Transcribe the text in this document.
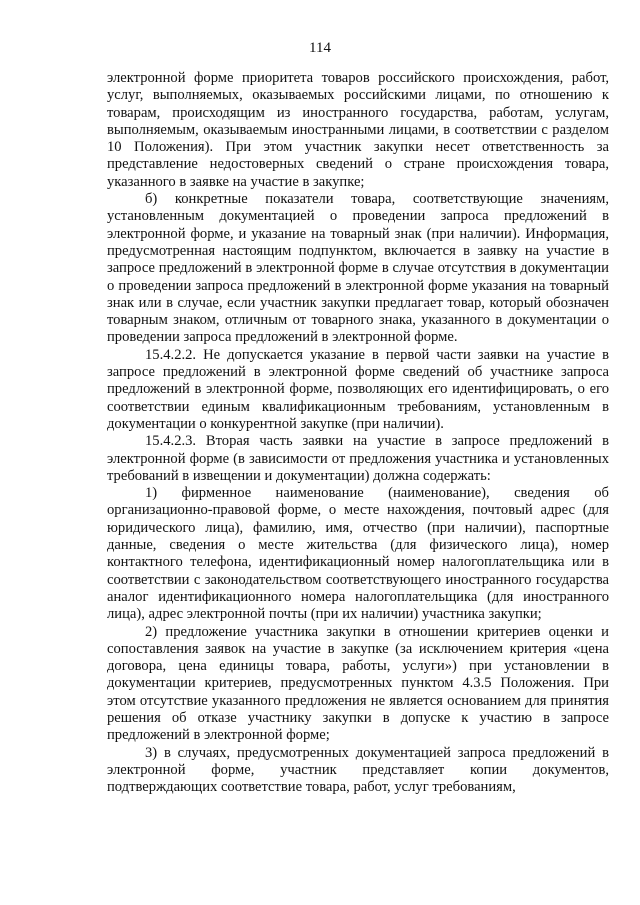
114

электронной форме приоритета товаров российского происхождения, работ, услуг, выполняемых, оказываемых российскими лицами, по отношению к товарам, происходящим из иностранного государства, работам, услугам, выполняемым, оказываемым иностранными лицами, в соответствии с разделом 10 Положения). При этом участник закупки несет ответственность за представление недостоверных сведений о стране происхождения товара, указанного в заявке на участие в закупке;

б) конкретные показатели товара, соответствующие значениям, установленным документацией о проведении запроса предложений в электронной форме, и указание на товарный знак (при наличии). Информация, предусмотренная настоящим подпунктом, включается в заявку на участие в запросе предложений в электронной форме в случае отсутствия в документации о проведении запроса предложений в электронной форме указания на товарный знак или в случае, если участник закупки предлагает товар, который обозначен товарным знаком, отличным от товарного знака, указанного в документации о проведении запроса предложений в электронной форме.

15.4.2.2. Не допускается указание в первой части заявки на участие в запросе предложений в электронной форме сведений об участнике запроса предложений в электронной форме, позволяющих его идентифицировать, о его соответствии единым квалификационным требованиям, установленным в документации о конкурентной закупке (при наличии).

15.4.2.3. Вторая часть заявки на участие в запросе предложений в электронной форме (в зависимости от предложения участника и установленных требований в извещении и документации) должна содержать:

1) фирменное наименование (наименование), сведения об организационно-правовой форме, о месте нахождения, почтовый адрес (для юридического лица), фамилию, имя, отчество (при наличии), паспортные данные, сведения о месте жительства (для физического лица), номер контактного телефона, идентификационный номер налогоплательщика или в соответствии с законодательством соответствующего иностранного государства аналог идентификационного номера налогоплательщика (для иностранного лица), адрес электронной почты (при их наличии) участника закупки;

2) предложение участника закупки в отношении критериев оценки и сопоставления заявок на участие в закупке (за исключением критерия «цена договора, цена единицы товара, работы, услуги») при установлении в документации критериев, предусмотренных пунктом 4.3.5 Положения. При этом отсутствие указанного предложения не является основанием для принятия решения об отказе участнику закупки в допуске к участию в запросе предложений в электронной форме;

3) в случаях, предусмотренных документацией запроса предложений в электронной форме, участник представляет копии документов, подтверждающих соответствие товара, работ, услуг требованиям,
